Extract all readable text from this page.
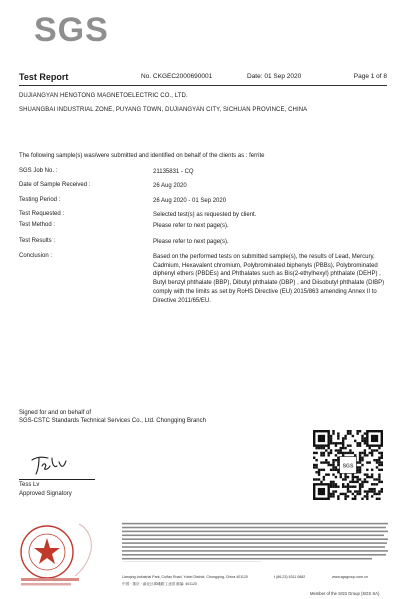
SGS
Test Report	No. CKGEC2000690001	Date: 01 Sep 2020	Page 1 of 8
DUJIANGYAN HENGTONG MAGNETOELECTRIC CO., LTD.
SHUANGBAI INDUSTRIAL ZONE, PUYANG TOWN, DUJIANGYAN CITY, SICHUAN PROVINCE, CHINA
The following sample(s) was/were submitted and identified on behalf of the clients as : ferrite
SGS Job No. :	21135831 - CQ
Date of Sample Received :	26 Aug 2020
Testing Period :	26 Aug 2020 - 01 Sep 2020
Test Requested :	Selected test(s) as requested by client.
Test Method :	Please refer to next page(s).
Test Results :	Please refer to next page(s).
Conclusion :	Based on the performed tests on submitted sample(s), the results of Lead, Mercury, Cadmium, Hexavalent chromium, Polybrominated biphenyls (PBBs), Polybrominated diphenyl ethers (PBDEs) and Phthalates such as Bis(2-ethylhexyl) phthalate (DEHP) , Butyl benzyl phthalate (BBP), Dibutyl phthalate (DBP) , and Diisobutyl phthalate (DIBP) comply with the limits as set by RoHS Directive (EU) 2015/863 amending Annex II to Directive 2011/65/EU.
Signed for and on behalf of
SGS-CSTC Standards Technical Services Co., Ltd. Chongqing Branch
Tess Lv
Approved Signatory
SGS
Lianqing Industrial Park, Cuifao Road, Yubei District, Chongqing, China 401120	t (86-23) 6311 0882	www.sgsgroup.com.cn
中国 · 重庆 · 渝北区翠峨路工业园 邮编: 401120
Member of the SGS Group (SGS SA)
